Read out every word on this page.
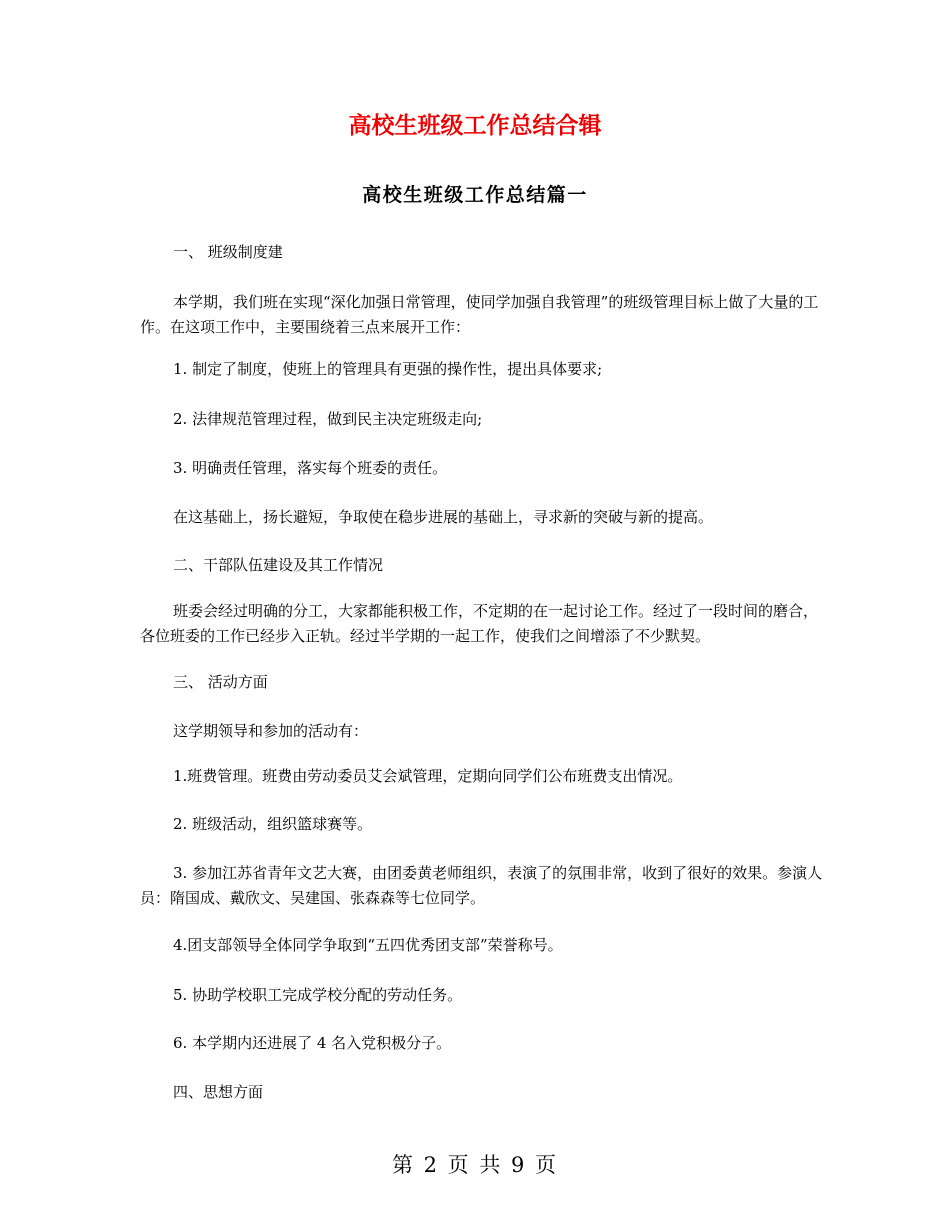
高校生班级工作总结合辑
高校生班级工作总结篇一

一、 班级制度建

本学期，我们班在实现“深化加强日常管理，使同学加强自我管理”的班级管理目标上做了大量的工作。在这项工作中，主要围绕着三点来展开工作：

1. 制定了制度，使班上的管理具有更强的操作性，提出具体要求;

2. 法律规范管理过程，做到民主决定班级走向;

3. 明确责任管理，落实每个班委的责任。

在这基础上，扬长避短，争取使在稳步进展的基础上，寻求新的突破与新的提高。

二、干部队伍建设及其工作情况

班委会经过明确的分工，大家都能积极工作，不定期的在一起讨论工作。经过了一段时间的磨合，各位班委的工作已经步入正轨。经过半学期的一起工作，使我们之间增添了不少默契。

三、 活动方面

这学期领导和参加的活动有：

1.班费管理。班费由劳动委员艾会斌管理，定期向同学们公布班费支出情况。

2. 班级活动，组织篮球赛等。

3. 参加江苏省青年文艺大赛，由团委黄老师组织，表演了的氛围非常，收到了很好的效果。参演人员：隋国成、戴欣文、吴建国、张森森等七位同学。

4.团支部领导全体同学争取到“五四优秀团支部”荣誉称号。

5. 协助学校职工完成学校分配的劳动任务。

6. 本学期内还进展了 4 名入党积极分子。

四、思想方面

第 2 页 共 9 页
